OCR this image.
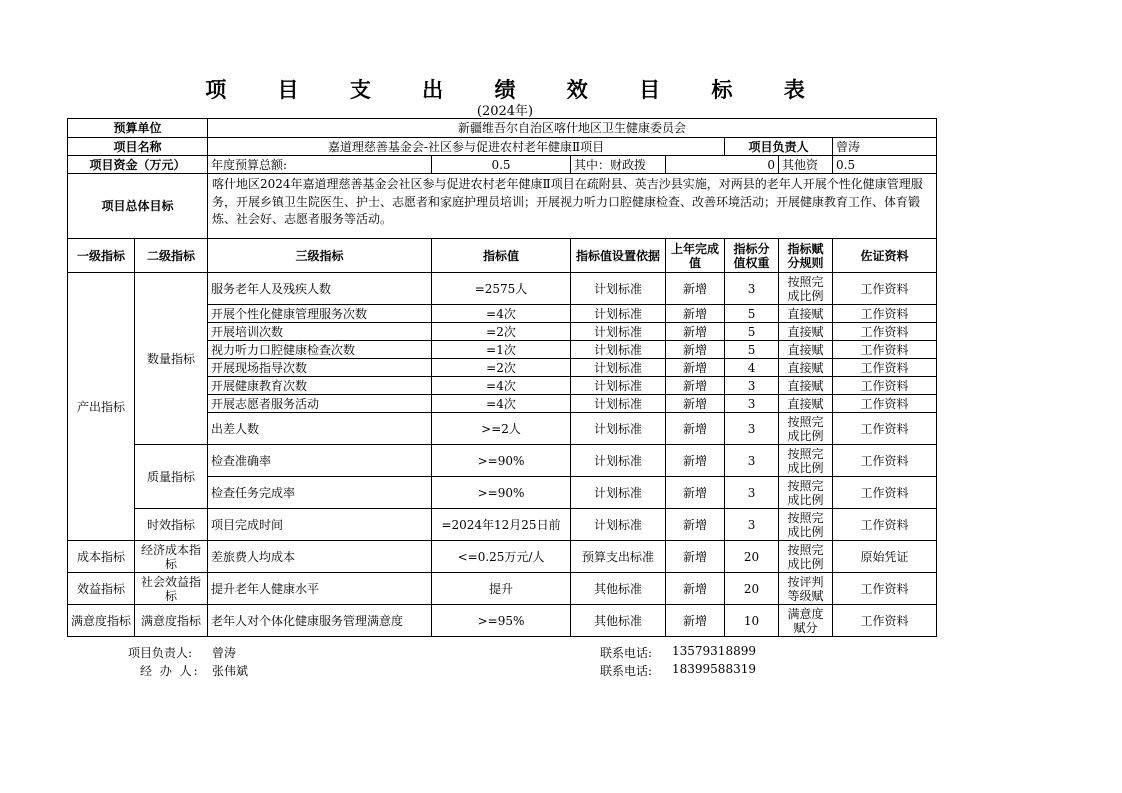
项 目 支 出 绩 效 目 标 表
(2024年)
预算单位		新疆维吾尔自治区喀什地区卫生健康委员会						
项目名称		嘉道理慈善基金会-社区参与促进农村老年健康Ⅱ项目				项目负责人		曾涛
项目资金（万元）		年度预算总额:	0.5	其中：财政拨	0		其他资	0.5
项目总体目标		喀什地区2024年嘉道理慈善基金会社区参与促进农村老年健康Ⅱ项目在疏附县、英吉沙县实施，对两县的老年人开展个性化健康管理服务，开展乡镇卫生院医生、护士、志愿者和家庭护理员培训；开展视力听力口腔健康检查、改善环境活动；开展健康教育工作、体育锻炼、社会好、志愿者服务等活动。						
一级指标	二级指标	三级指标	指标值	指标值设置依据	上年完成值	指标分值权重	指标赋分规则	佐证资料
产出指标	数量指标	服务老年人及残疾人数	=2575人	计划标准	新增	3	按照完成比例	工作资料
		开展个性化健康管理服务次数	=4次	计划标准	新增	5	直接赋	工作资料
		开展培训次数	=2次	计划标准	新增	5	直接赋	工作资料
		视力听力口腔健康检查次数	=1次	计划标准	新增	5	直接赋	工作资料
		开展现场指导次数	=2次	计划标准	新增	4	直接赋	工作资料
		开展健康教育次数	=4次	计划标准	新增	3	直接赋	工作资料
		开展志愿者服务活动	=4次	计划标准	新增	3	直接赋	工作资料
		出差人数	>=2人	计划标准	新增	3	按照完成比例	工作资料
	质量指标	检查准确率	>=90%	计划标准	新增	3	按照完成比例	工作资料
		检查任务完成率	>=90%	计划标准	新增	3	按照完成比例	工作资料
	时效指标	项目完成时间	=2024年12月25日前	计划标准	新增	3	按照完成比例	工作资料
成本指标	经济成本指标	差旅费人均成本	<=0.25万元/人	预算支出标准	新增	20	按照完成比例	原始凭证
效益指标	社会效益指标	提升老年人健康水平	提升	其他标准	新增	20	按评判等级赋	工作资料
满意度指标	满意度指标	老年人对个体化健康服务管理满意度	>=95%	其他标准	新增	10	满意度赋分	工作资料
项目负责人: 曾涛
经 办 人: 张伟斌
联系电话: 13579318899
联系电话: 18399588319
